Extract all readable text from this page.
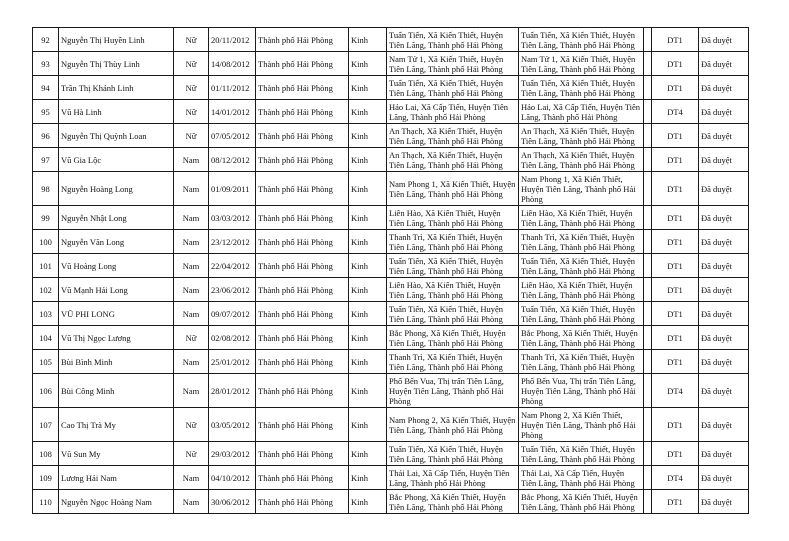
92	Nguyễn Thị Huyền Linh	Nữ	20/11/2012	Thành phố Hải Phòng	Kinh	Tuấn Tiến, Xã Kiến Thiết, Huyện Tiên Lãng, Thành phố Hải Phòng	Tuấn Tiến, Xã Kiến Thiết, Huyện Tiên Lãng, Thành phố Hải Phòng		DT1	Đã duyệt
93	Nguyễn Thị Thùy Linh	Nữ	14/08/2012	Thành phố Hải Phòng	Kinh	Nam Tử 1, Xã Kiến Thiết, Huyện Tiên Lãng, Thành phố Hải Phòng	Nam Tử 1, Xã Kiến Thiết, Huyện Tiên Lãng, Thành phố Hải Phòng		DT1	Đã duyệt
94	Trần Thị Khánh Linh	Nữ	01/11/2012	Thành phố Hải Phòng	Kinh	Tuấn Tiến, Xã Kiến Thiết, Huyện Tiên Lãng, Thành phố Hải Phòng	Tuấn Tiến, Xã Kiến Thiết, Huyện Tiên Lãng, Thành phố Hải Phòng		DT1	Đã duyệt
95	Vũ Hà Linh	Nữ	14/01/2012	Thành phố Hải Phòng	Kinh	Hảo Lai, Xã Cấp Tiến, Huyện Tiên Lãng, Thành phố Hải Phòng	Hảo Lai, Xã Cấp Tiến, Huyện Tiên Lãng, Thành phố Hải Phòng		DT4	Đã duyệt
96	Nguyễn Thị Quỳnh Loan	Nữ	07/05/2012	Thành phố Hải Phòng	Kinh	An Thạch, Xã Kiến Thiết, Huyện Tiên Lãng, Thành phố Hải Phòng	An Thạch, Xã Kiến Thiết, Huyện Tiên Lãng, Thành phố Hải Phòng		DT1	Đã duyệt
97	Vũ Gia Lộc	Nam	08/12/2012	Thành phố Hải Phòng	Kinh	An Thạch, Xã Kiến Thiết, Huyện Tiên Lãng, Thành phố Hải Phòng	An Thạch, Xã Kiến Thiết, Huyện Tiên Lãng, Thành phố Hải Phòng		DT1	Đã duyệt
98	Nguyễn Hoàng Long	Nam	01/09/2011	Thành phố Hải Phòng	Kinh	Nam Phong 1, Xã Kiến Thiết, Huyện Tiên Lãng, Thành phố Hải Phòng	Nam Phong 1, Xã Kiến Thiết, Huyện Tiên Lãng, Thành phố Hải Phòng		DT1	Đã duyệt
99	Nguyễn Nhật Long	Nam	03/03/2012	Thành phố Hải Phòng	Kinh	Liên Hào, Xã Kiến Thiết, Huyện Tiên Lãng, Thành phố Hải Phòng	Liên Hào, Xã Kiến Thiết, Huyện Tiên Lãng, Thành phố Hải Phòng		DT1	Đã duyệt
100	Nguyễn Văn Long	Nam	23/12/2012	Thành phố Hải Phòng	Kinh	Thanh Trì, Xã Kiến Thiết, Huyện Tiên Lãng, Thành phố Hải Phòng	Thanh Trì, Xã Kiến Thiết, Huyện Tiên Lãng, Thành phố Hải Phòng		DT1	Đã duyệt
101	Vũ Hoàng Long	Nam	22/04/2012	Thành phố Hải Phòng	Kinh	Tuấn Tiến, Xã Kiến Thiết, Huyện Tiên Lãng, Thành phố Hải Phòng	Tuấn Tiến, Xã Kiến Thiết, Huyện Tiên Lãng, Thành phố Hải Phòng		DT1	Đã duyệt
102	Vũ Mạnh Hải Long	Nam	23/06/2012	Thành phố Hải Phòng	Kinh	Liên Hào, Xã Kiến Thiết, Huyện Tiên Lãng, Thành phố Hải Phòng	Liên Hào, Xã Kiến Thiết, Huyện Tiên Lãng, Thành phố Hải Phòng		DT1	Đã duyệt
103	VŨ PHI LONG	Nam	09/07/2012	Thành phố Hải Phòng	Kinh	Tuấn Tiến, Xã Kiến Thiết, Huyện Tiên Lãng, Thành phố Hải Phòng	Tuấn Tiến, Xã Kiến Thiết, Huyện Tiên Lãng, Thành phố Hải Phòng		DT1	Đã duyệt
104	Vũ Thị Ngọc Lương	Nữ	02/08/2012	Thành phố Hải Phòng	Kinh	Bắc Phong, Xã Kiến Thiết, Huyện Tiên Lãng, Thành phố Hải Phòng	Bắc Phong, Xã Kiến Thiết, Huyện Tiên Lãng, Thành phố Hải Phòng		DT1	Đã duyệt
105	Bùi Bình Minh	Nam	25/01/2012	Thành phố Hải Phòng	Kinh	Thanh Trì, Xã Kiến Thiết, Huyện Tiên Lãng, Thành phố Hải Phòng	Thanh Trì, Xã Kiến Thiết, Huyện Tiên Lãng, Thành phố Hải Phòng		DT1	Đã duyệt
106	Bùi Công Minh	Nam	28/01/2012	Thành phố Hải Phòng	Kinh	Phố Bến Vua, Thị trấn Tiên Lãng, Huyện Tiên Lãng, Thành phố Hải Phòng	Phố Bến Vua, Thị trấn Tiên Lãng, Huyện Tiên Lãng, Thành phố Hải Phòng		DT4	Đã duyệt
107	Cao Thị Trà My	Nữ	03/05/2012	Thành phố Hải Phòng	Kinh	Nam Phong 2, Xã Kiến Thiết, Huyện Tiên Lãng, Thành phố Hải Phòng	Nam Phong 2, Xã Kiến Thiết, Huyện Tiên Lãng, Thành phố Hải Phòng		DT1	Đã duyệt
108	Vũ Sun My	Nữ	29/03/2012	Thành phố Hải Phòng	Kinh	Tuấn Tiến, Xã Kiến Thiết, Huyện Tiên Lãng, Thành phố Hải Phòng	Tuấn Tiến, Xã Kiến Thiết, Huyện Tiên Lãng, Thành phố Hải Phòng		DT1	Đã duyệt
109	Lương Hải Nam	Nam	04/10/2012	Thành phố Hải Phòng	Kinh	Thái Lai, Xã Cấp Tiến, Huyện Tiên Lãng, Thành phố Hải Phòng	Thái Lai, Xã Cấp Tiến, Huyện Tiên Lãng, Thành phố Hải Phòng		DT4	Đã duyệt
110	Nguyễn Ngọc Hoàng Nam	Nam	30/06/2012	Thành phố Hải Phòng	Kinh	Bắc Phong, Xã Kiến Thiết, Huyện Tiên Lãng, Thành phố Hải Phòng	Bắc Phong, Xã Kiến Thiết, Huyện Tiên Lãng, Thành phố Hải Phòng		DT1	Đã duyệt
